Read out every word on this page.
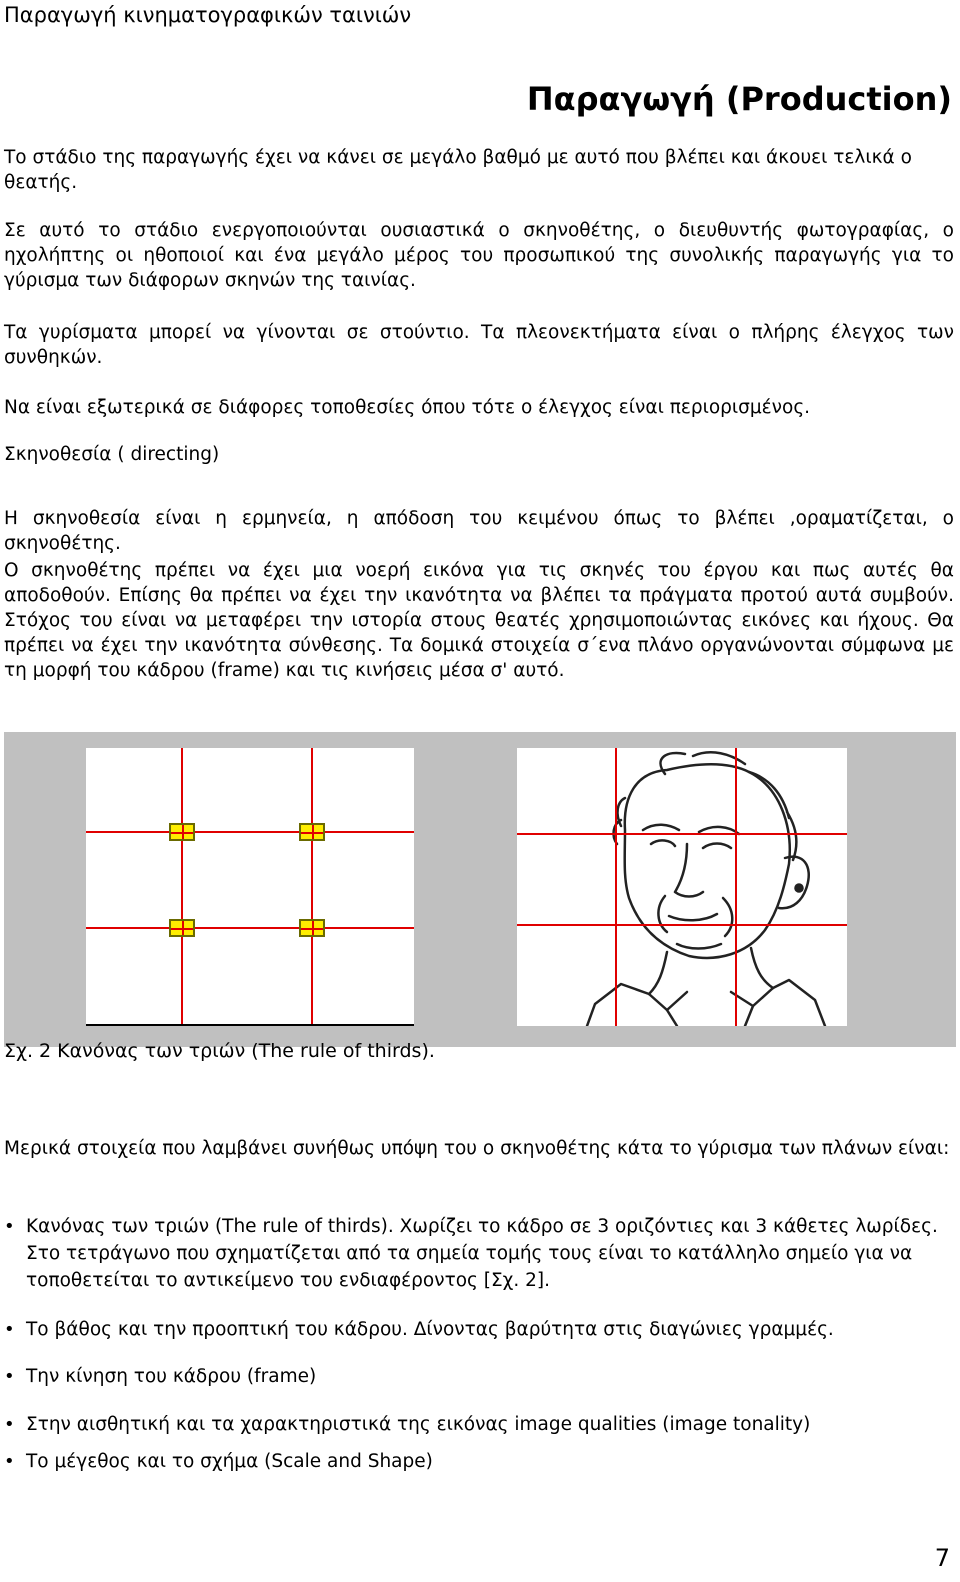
Παραγωγή κινηματογραφικών ταινιών
Παραγωγή (Production)
Το στάδιο της παραγωγής έχει να κάνει σε μεγάλο βαθμό με αυτό που βλέπει και άκουει τελικά ο θεατής.
Σε αυτό το στάδιο ενεργοποιούνται ουσιαστικά ο σκηνοθέτης, ο διευθυντής φωτογραφίας, ο ηχολήπτης οι ηθοποιοί και ένα μεγάλο μέρος του προσωπικού της συνολικής παραγωγής για το γύρισμα των διάφορων σκηνών της ταινίας.
Τα γυρίσματα μπορεί να γίνονται σε στούντιο. Τα πλεονεκτήματα είναι ο πλήρης έλεγχος των συνθηκών.
Να είναι εξωτερικά σε διάφορες τοποθεσίες όπου τότε ο έλεγχος είναι περιορισμένος.
Σκηνοθεσία ( directing)
Η σκηνοθεσία είναι η ερμηνεία, η απόδοση του κειμένου όπως το βλέπει ,οραματίζεται, ο σκηνοθέτης.
Ο σκηνοθέτης πρέπει να έχει μια νοερή εικόνα για τις σκηνές του έργου και πως αυτές θα αποδοθούν. Επίσης θα πρέπει να έχει την ικανότητα να βλέπει τα πράγματα προτού αυτά συμβούν. Στόχος του είναι να μεταφέρει την ιστορία στους θεατές χρησιμοποιώντας εικόνες και ήχους. Θα πρέπει να έχει την ικανότητα σύνθεσης. Τα δομικά στοιχεία σ΄ενα πλάνο οργανώνονται σύμφωνα με τη μορφή του κάδρου (frame) και τις κινήσεις μέσα σ' αυτό.
Σχ. 2 Κανόνας των τριών (The rule of thirds).
Μερικά στοιχεία που λαμβάνει συνήθως υπόψη του ο σκηνοθέτης κάτα το γύρισμα των πλάνων είναι:
• Κανόνας των τριών (The rule of thirds). Χωρίζει το κάδρο σε 3 οριζόντιες και 3 κάθετες λωρίδες. Στο τετράγωνο που σχηματίζεται από τα σημεία τομής τους είναι το κατάλληλο σημείο για να τοποθετείται το αντικείμενο του ενδιαφέροντος [Σχ. 2].
• Το βάθος και την προοπτική του κάδρου. Δίνοντας βαρύτητα στις διαγώνιες γραμμές.
• Την κίνηση του κάδρου (frame)
• Στην αισθητική και τα χαρακτηριστικά της εικόνας image qualities (image tonality)
• Το μέγεθος και το σχήμα (Scale and Shape)
7
